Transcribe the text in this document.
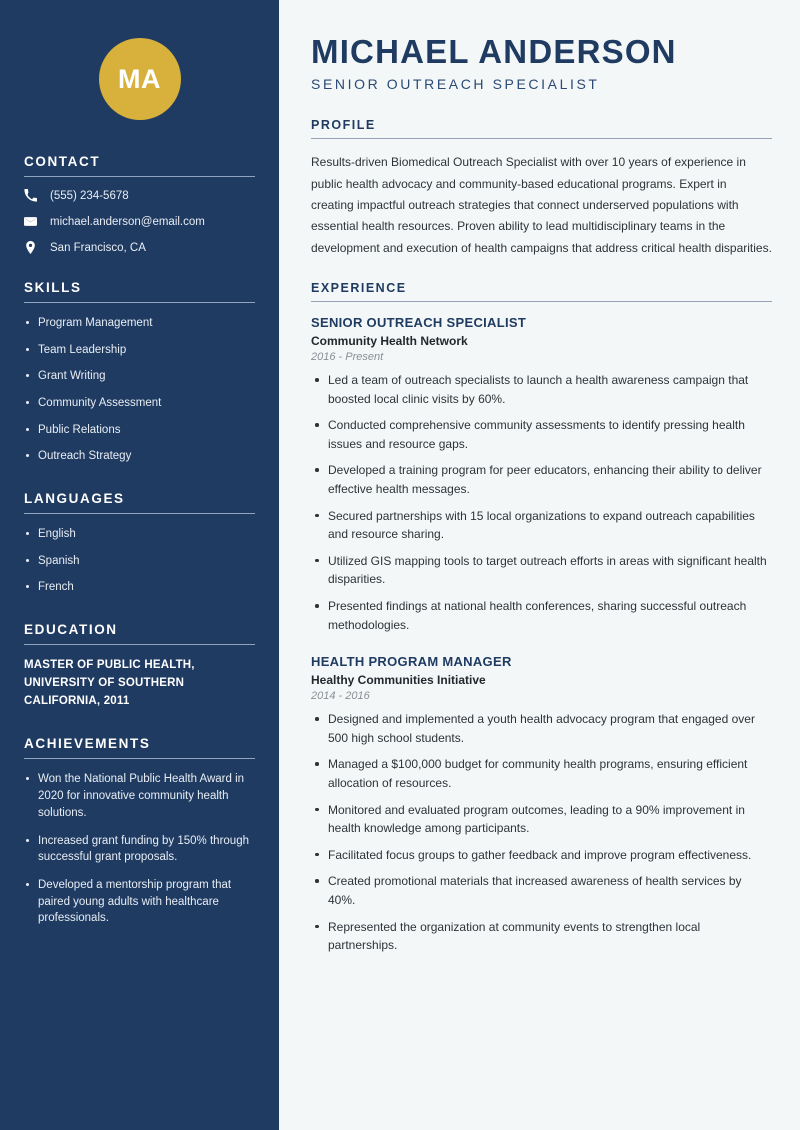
MA
CONTACT
(555) 234-5678
michael.anderson@email.com
San Francisco, CA
SKILLS
Program Management
Team Leadership
Grant Writing
Community Assessment
Public Relations
Outreach Strategy
LANGUAGES
English
Spanish
French
EDUCATION
MASTER OF PUBLIC HEALTH, UNIVERSITY OF SOUTHERN CALIFORNIA, 2011
ACHIEVEMENTS
Won the National Public Health Award in 2020 for innovative community health solutions.
Increased grant funding by 150% through successful grant proposals.
Developed a mentorship program that paired young adults with healthcare professionals.
MICHAEL ANDERSON
SENIOR OUTREACH SPECIALIST
PROFILE

Results-driven Biomedical Outreach Specialist with over 10 years of experience in public health advocacy and community-based educational programs. Expert in creating impactful outreach strategies that connect underserved populations with essential health resources. Proven ability to lead multidisciplinary teams in the development and execution of health campaigns that address critical health disparities.

EXPERIENCE
SENIOR OUTREACH SPECIALIST
Community Health Network
2016 - Present
Led a team of outreach specialists to launch a health awareness campaign that boosted local clinic visits by 60%.
Conducted comprehensive community assessments to identify pressing health issues and resource gaps.
Developed a training program for peer educators, enhancing their ability to deliver effective health messages.
Secured partnerships with 15 local organizations to expand outreach capabilities and resource sharing.
Utilized GIS mapping tools to target outreach efforts in areas with significant health disparities.
Presented findings at national health conferences, sharing successful outreach methodologies.
HEALTH PROGRAM MANAGER
Healthy Communities Initiative
2014 - 2016
Designed and implemented a youth health advocacy program that engaged over 500 high school students.
Managed a $100,000 budget for community health programs, ensuring efficient allocation of resources.
Monitored and evaluated program outcomes, leading to a 90% improvement in health knowledge among participants.
Facilitated focus groups to gather feedback and improve program effectiveness.
Created promotional materials that increased awareness of health services by 40%.
Represented the organization at community events to strengthen local partnerships.
